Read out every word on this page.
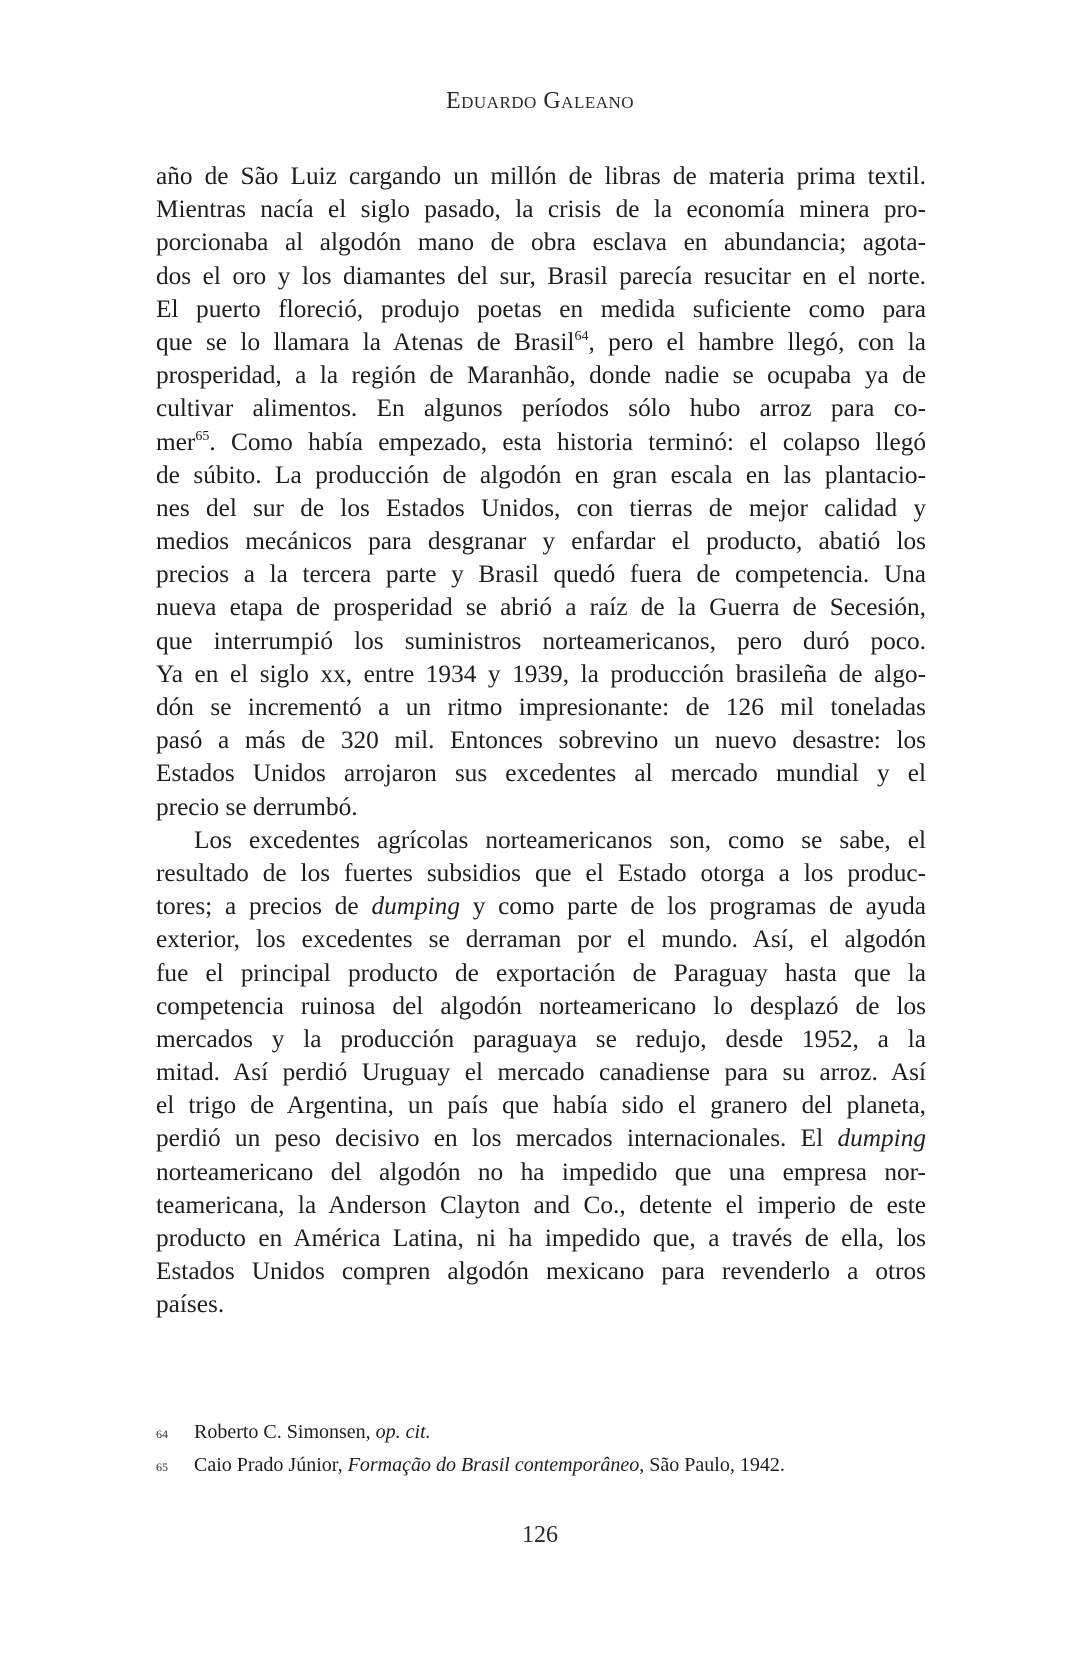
Eduardo Galeano
año de São Luiz cargando un millón de libras de materia prima textil.
Mientras nacía el siglo pasado, la crisis de la economía minera pro-
porcionaba al algodón mano de obra esclava en abundancia; agota-
dos el oro y los diamantes del sur, Brasil parecía resucitar en el norte.
El puerto floreció, produjo poetas en medida suficiente como para
que se lo llamara la Atenas de Brasil$^{64}$, pero el hambre llegó, con la
prosperidad, a la región de Maranhão, donde nadie se ocupaba ya de
cultivar alimentos. En algunos períodos sólo hubo arroz para co-
mer$^{65}$. Como había empezado, esta historia terminó: el colapso llegó
de súbito. La producción de algodón en gran escala en las plantacio-
nes del sur de los Estados Unidos, con tierras de mejor calidad y
medios mecánicos para desgranar y enfardar el producto, abatió los
precios a la tercera parte y Brasil quedó fuera de competencia. Una
nueva etapa de prosperidad se abrió a raíz de la Guerra de Secesión,
que interrumpió los suministros norteamericanos, pero duró poco.
Ya en el siglo xx, entre 1934 y 1939, la producción brasileña de algo-
dón se incrementó a un ritmo impresionante: de 126 mil toneladas
pasó a más de 320 mil. Entonces sobrevino un nuevo desastre: los
Estados Unidos arrojaron sus excedentes al mercado mundial y el
precio se derrumbó.
Los excedentes agrícolas norteamericanos son, como se sabe, el
resultado de los fuertes subsidios que el Estado otorga a los produc-
tores; a precios de dumping y como parte de los programas de ayuda
exterior, los excedentes se derraman por el mundo. Así, el algodón
fue el principal producto de exportación de Paraguay hasta que la
competencia ruinosa del algodón norteamericano lo desplazó de los
mercados y la producción paraguaya se redujo, desde 1952, a la
mitad. Así perdió Uruguay el mercado canadiense para su arroz. Así
el trigo de Argentina, un país que había sido el granero del planeta,
perdió un peso decisivo en los mercados internacionales. El dumping
norteamericano del algodón no ha impedido que una empresa nor-
teamericana, la Anderson Clayton and Co., detente el imperio de este
producto en América Latina, ni ha impedido que, a través de ella, los
Estados Unidos compren algodón mexicano para revenderlo a otros
países.
64	Roberto C. Simonsen, op. cit.
65	Caio Prado Júnior, Formação do Brasil contemporâneo, São Paulo, 1942.
126
